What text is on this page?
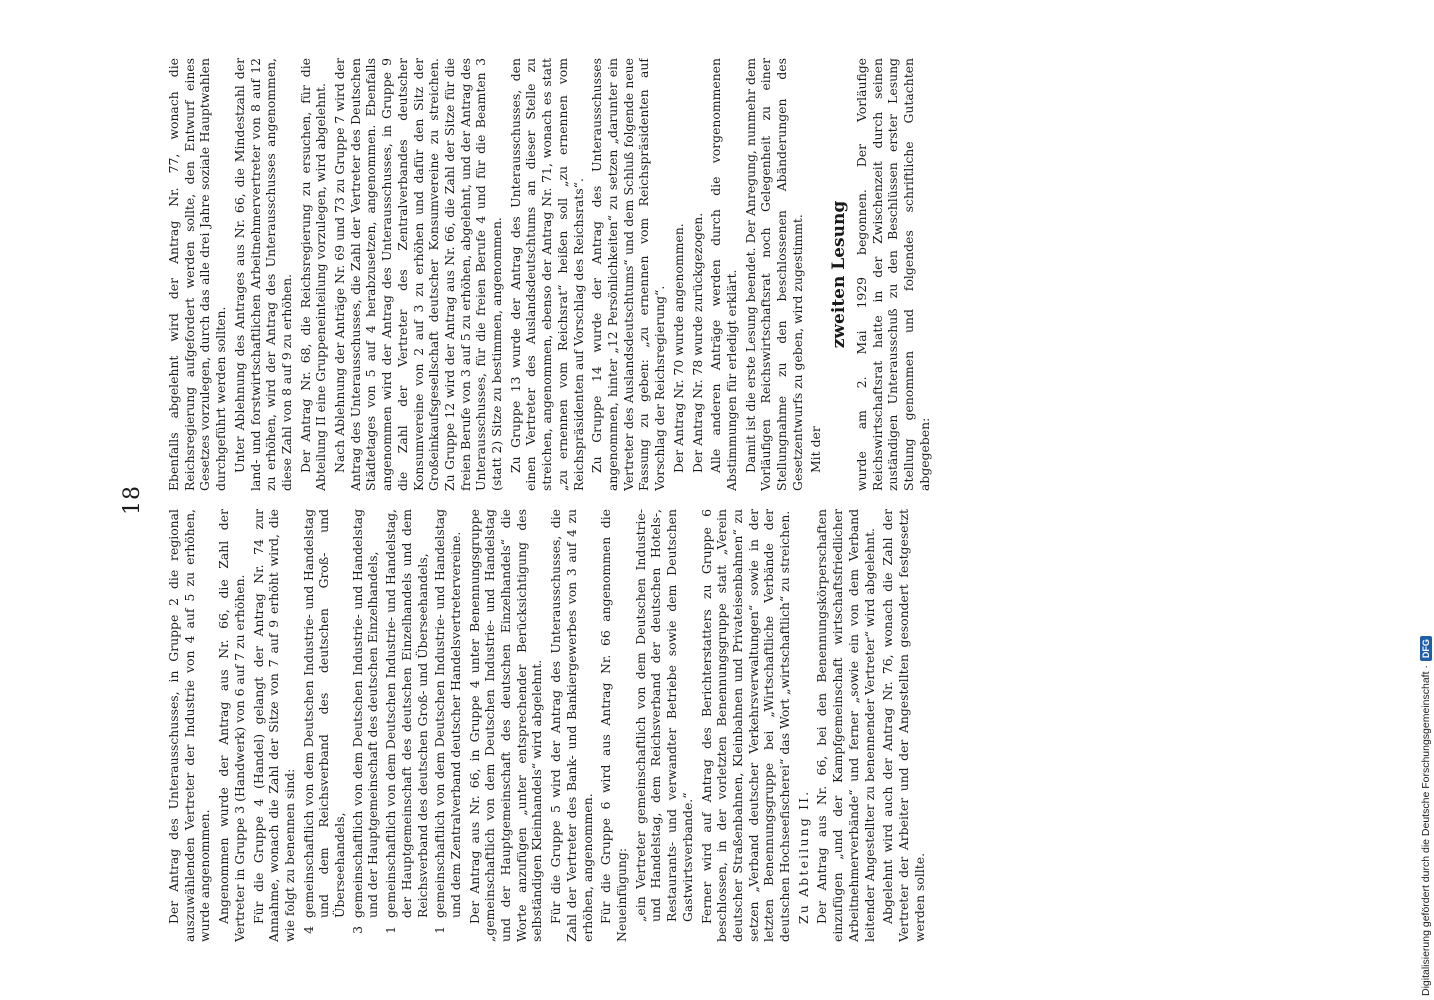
18

Der Antrag des Unterausschusses, in Gruppe 2 die regional auszuwählenden Vertreter der Industrie von 4 auf 5 zu erhöhen, wurde angenommen. Angenommen wurde der Antrag aus Nr. 66, die Zahl der Vertreter in Gruppe 3 (Handwerk) von 6 auf 7 zu erhöhen. Für die Gruppe 4 (Handel) gelangt der Antrag Nr. 74 zur Annahme, wonach die Zahl der Sitze von 7 auf 9 erhöht wird, die wie folgt zu benennen sind: 4
gemeinschaftlich von dem Deutschen Industrie- und Handelstag und dem Reichsverband des deutschen Groß- und Überseehandels,
3
gemeinschaftlich von dem Deutschen Industrie- und Handelstag und der Hauptgemeinschaft des deutschen Einzelhandels,
1
gemeinschaftlich von dem Deutschen Industrie- und Handelstag, der Hauptgemeinschaft des deutschen Einzelhandels und dem Reichsverband des deutschen Groß- und Überseehandels,
1
gemeinschaftlich von dem Deutschen Industrie- und Handelstag und dem Zentralverband deutscher Handelsvertretervereine. Der Antrag aus Nr. 66, in Gruppe 4 unter Benennungsgruppe „gemeinschaftlich von dem Deutschen Industrie- und Handelstag und der Hauptgemeinschaft des deutschen Einzelhandels“ die Worte anzufügen „unter entsprechender Berücksichtigung des selbständigen Kleinhandels“ wird abgelehnt. Für die Gruppe 5 wird der Antrag des Unterausschusses, die Zahl der Vertreter des Bank- und Bankiergewerbes von 3 auf 4 zu erhöhen, angenommen. Für die Gruppe 6 wird aus Antrag Nr. 66 angenommen die Neueinfügung: „ein Vertreter gemeinschaftlich von dem Deutschen Industrie- und Handelstag, dem Reichsverband der deutschen Hotels-, Restaurants- und verwandter Betriebe sowie dem Deutschen Gastwirtsverbande.“ Ferner wird auf Antrag des Berichterstatters zu Gruppe 6 beschlossen, in der vorletzten Benennungsgruppe statt „Verein deutscher Straßenbahnen, Kleinbahnen und Privateisenbahnen“ zu setzen „Verband deutscher Verkehrsverwaltungen“ sowie in der letzten Benennungsgruppe bei „Wirtschaftliche Verbände der deutschen Hochseefischerei“ das Wort „wirtschaftlich“ zu streichen. Zu Abteilung II. Der Antrag aus Nr. 66, bei den Benennungskörperschaften einzufügen „und der Kampfgemeinschaft wirtschaftsfriedlicher Arbeitnehmerverbände“ und ferner „sowie ein von dem Verband leitender Angestellter zu benennender Vertreter“ wird abgelehnt. Abgelehnt wird auch der Antrag Nr. 76, wonach die Zahl der Vertreter der Arbeiter und der Angestellten gesondert festgesetzt werden sollte.

Ebenfalls abgelehnt wird der Antrag Nr. 77, wonach die Reichsregierung aufgefordert werden sollte, den Entwurf eines Gesetzes vorzulegen, durch das alle drei Jahre soziale Hauptwahlen durchgeführt werden sollten. Unter Ablehnung des Antrages aus Nr. 66, die Mindestzahl der land- und forstwirtschaftlichen Arbeitnehmervertreter von 8 auf 12 zu erhöhen, wird der Antrag des Unterausschusses angenommen, diese Zahl von 8 auf 9 zu erhöhen. Der Antrag Nr. 68, die Reichsregierung zu ersuchen, für die Abteilung II eine Gruppeneinteilung vorzulegen, wird abgelehnt. Nach Ablehnung der Anträge Nr. 69 und 73 zu Gruppe 7 wird der Antrag des Unterausschusses, die Zahl der Vertreter des Deutschen Städtetages von 5 auf 4 herabzusetzen, angenommen. Ebenfalls angenommen wird der Antrag des Unterausschusses, in Gruppe 9 die Zahl der Vertreter des Zentralverbandes deutscher Konsumvereine von 2 auf 3 zu erhöhen und dafür den Sitz der Großeinkaufsgesellschaft deutscher Konsumvereine zu streichen. Zu Gruppe 12 wird der Antrag aus Nr. 66, die Zahl der Sitze für die freien Berufe von 3 auf 5 zu erhöhen, abgelehnt, und der Antrag des Unterausschusses, für die freien Berufe 4 und für die Beamten 3 (statt 2) Sitze zu bestimmen, angenommen. Zu Gruppe 13 wurde der Antrag des Unterausschusses, den einen Vertreter des Auslandsdeutschtums an dieser Stelle zu streichen, angenommen, ebenso der Antrag Nr. 71, wonach es statt „zu ernennen vom Reichsrat“ heißen soll „zu ernennen vom Reichspräsidenten auf Vorschlag des Reichsrats“. Zu Gruppe 14 wurde der Antrag des Unterausschusses angenommen, hinter „12 Persönlichkeiten“ zu setzen „darunter ein Vertreter des Auslandsdeutschtums“ und dem Schluß folgende neue Fassung zu geben: „zu ernennen vom Reichspräsidenten auf Vorschlag der Reichsregierung“. Der Antrag Nr. 70 wurde angenommen. Der Antrag Nr. 78 wurde zurückgezogen. Alle anderen Anträge werden durch die vorgenommenen Abstimmungen für erledigt erklärt. Damit ist die erste Lesung beendet. Der Anregung, nunmehr dem Vorläufigen Reichswirtschaftsrat noch Gelegenheit zu einer Stellungnahme zu den beschlossenen Abänderungen des Gesetzentwurfs zu geben, wird zugestimmt. Mit der

zweiten Lesung wurde am 2. Mai 1929 begonnen. Der Vorläufige Reichswirtschaftsrat hatte in der Zwischenzeit durch seinen zuständigen Unterausschuß zu den Beschlüssen erster Lesung Stellung genommen und folgendes schriftliche Gutachten abgegeben:

Digitalisierung gefördert durch die Deutsche Forschungsgemeinschaft ·
DFG
